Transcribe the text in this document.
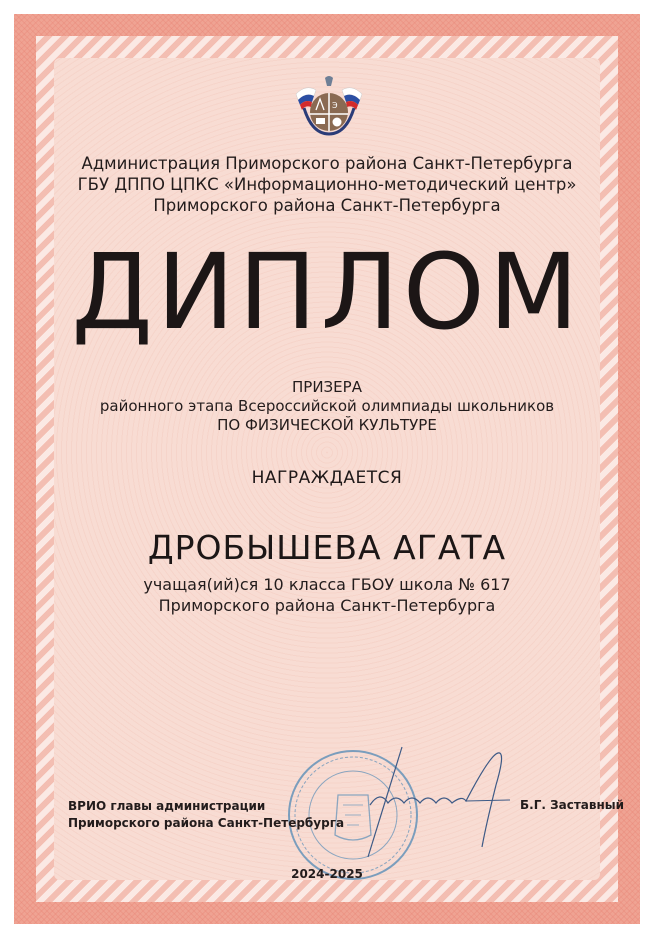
Э
Администрация Приморского района Санкт-Петербурга
ГБУ ДППО ЦПКС «Информационно-методический центр»
Приморского района Санкт-Петербурга
ДИПЛОМ
ПРИЗЕРА
районного этапа Всероссийской олимпиады школьников
ПО ФИЗИЧЕСКОЙ КУЛЬТУРЕ
НАГРАЖДАЕТСЯ
ДРОБЫШЕВА АГАТА
учащая(ий)ся 10 класса ГБОУ школа № 617
Приморского района Санкт-Петербурга
ВРИО главы администрации
Приморского района Санкт-Петербурга
Б.Г. Заставный
2024-2025
